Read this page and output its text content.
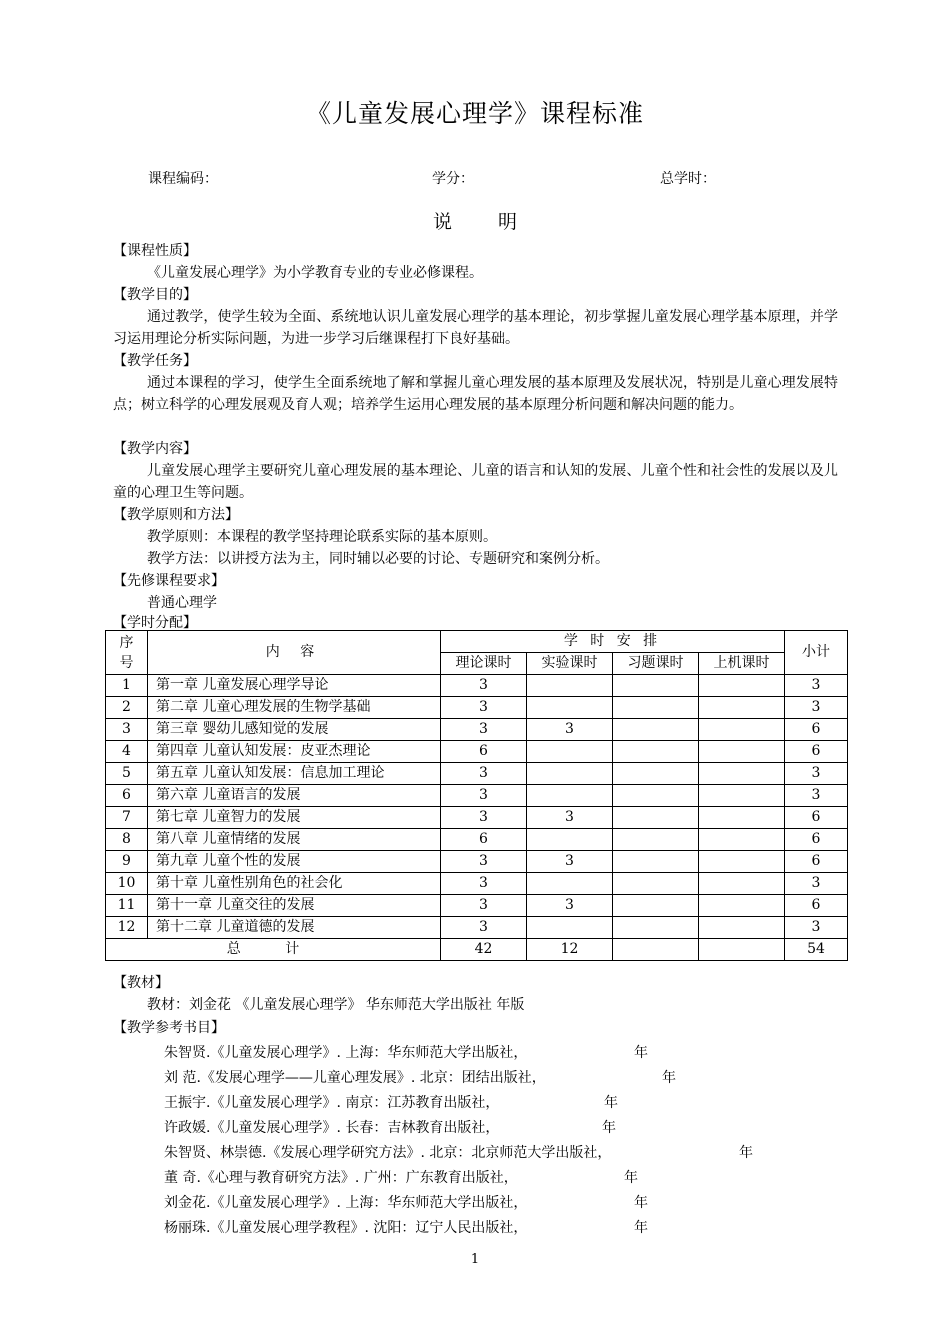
《儿童发展心理学》课程标准
课程编码：	学分：	总学时：
说 明
【课程性质】
《儿童发展心理学》为小学教育专业的专业必修课程。
【教学目的】
通过教学，使学生较为全面、系统地认识儿童发展心理学的基本理论，初步掌握儿童发展心理学基本原理，并学习运用理论分析实际问题，为进一步学习后继课程打下良好基础。
【教学任务】
通过本课程的学习，使学生全面系统地了解和掌握儿童心理发展的基本原理及发展状况，特别是儿童心理发展特点；树立科学的心理发展观及育人观；培养学生运用心理发展的基本原理分析问题和解决问题的能力。
【教学内容】
儿童发展心理学主要研究儿童心理发展的基本理论、儿童的语言和认知的发展、儿童个性和社会性的发展以及儿童的心理卫生等问题。
【教学原则和方法】
教学原则：本课程的教学坚持理论联系实际的基本原则。
教学方法：以讲授方法为主，同时辅以必要的讨论、专题研究和案例分析。
【先修课程要求】
普通心理学
【学时分配】
序
号	内 容	学 时 安 排				小计
		理论课时	实验课时	习题课时	上机课时	
1	第一章 儿童发展心理学导论	3				3
2	第二章 儿童心理发展的生物学基础	3				3
3	第三章 婴幼儿感知觉的发展	3	3			6
4	第四章 儿童认知发展：皮亚杰理论	6				6
5	第五章 儿童认知发展：信息加工理论	3				3
6	第六章 儿童语言的发展	3				3
7	第七章 儿童智力的发展	3	3			6
8	第八章 儿童情绪的发展	6				6
9	第九章 儿童个性的发展	3	3			6
10	第十章 儿童性别角色的社会化	3				3
11	第十一章 儿童交往的发展	3	3			6
12	第十二章 儿童道德的发展	3				3
总 计		42	12			54
【教材】
教材：刘金花 《儿童发展心理学》 华东师范大学出版社 年版
【教学参考书目】
朱智贤.《儿童发展心理学》. 上海：华东师范大学出版社，	年
刘 范.《发展心理学——儿童心理发展》. 北京：团结出版社，	年
王振宇.《儿童发展心理学》. 南京：江苏教育出版社，	年
许政媛.《儿童发展心理学》. 长春：吉林教育出版社，	年
朱智贤、林崇德.《发展心理学研究方法》. 北京：北京师范大学出版社，	年
董 奇.《心理与教育研究方法》. 广州：广东教育出版社，	年
刘金花.《儿童发展心理学》. 上海：华东师范大学出版社，	年
杨丽珠.《儿童发展心理学教程》. 沈阳：辽宁人民出版社，	年
1
